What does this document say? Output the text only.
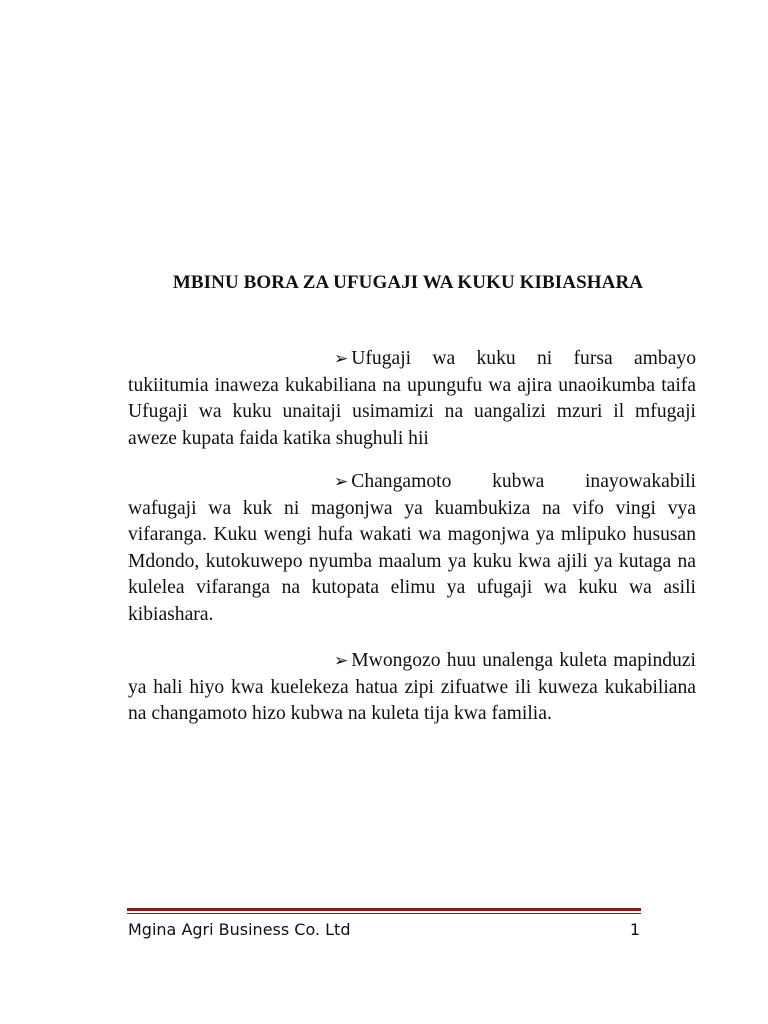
MBINU BORA ZA UFUGAJI WA KUKU KIBIASHARA

➢ Ufugaji wa kuku ni fursa ambayo tukiitumia inaweza kukabiliana na upungufu wa ajira unaoikumba taifa Ufugaji wa kuku unaitaji usimamizi na uangalizi mzuri il mfugaji aweze kupata faida katika shughuli hii

➢ Changamoto kubwa inayowakabili wafugaji wa kuk ni magonjwa ya kuambukiza na vifo vingi vya vifaranga. Kuku wengi hufa wakati wa magonjwa ya mlipuko hususan Mdondo, kutokuwepo nyumba maalum ya kuku kwa ajili ya kutaga na kulelea vifaranga na kutopata elimu ya ufugaji wa kuku wa asili kibiashara.

➢ Mwongozo huu unalenga kuleta mapinduzi ya hali hiyo kwa kuelekeza hatua zipi zifuatwe ili kuweza kukabiliana na changamoto hizo kubwa na kuleta tija kwa familia.

Mgina Agri Business Co. Ltd	1
